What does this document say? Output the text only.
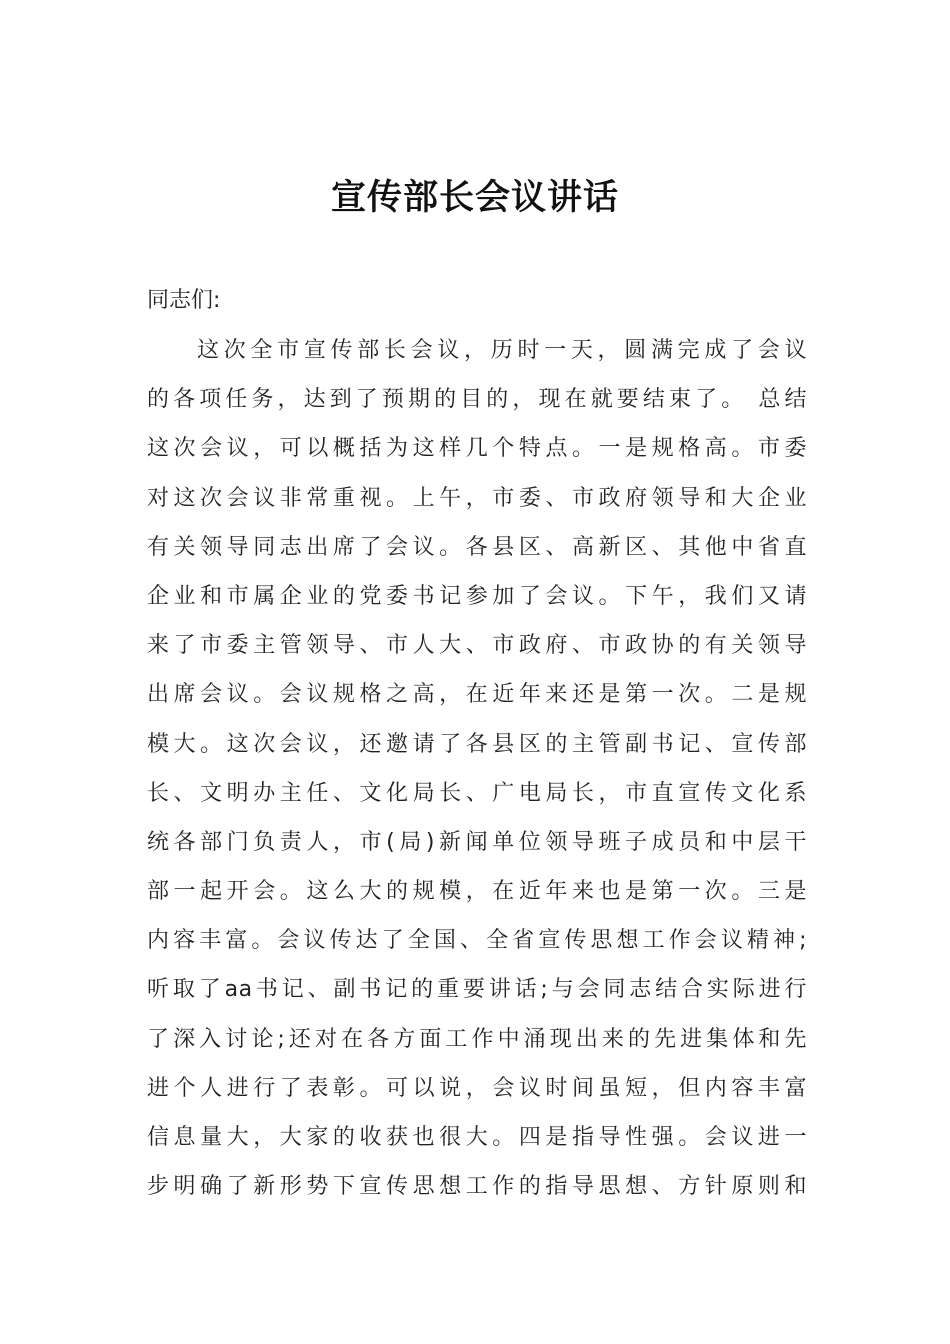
宣传部长会议讲话
同志们:
这次全市宣传部长会议，历时一天，圆满完成了会议
的各项任务，达到了预期的目的，现在就要结束了。 总结
这次会议，可以概括为这样几个特点。一是规格高。市委
对这次会议非常重视。上午，市委、市政府领导和大企业
有关领导同志出席了会议。各县区、高新区、其他中省直
企业和市属企业的党委书记参加了会议。下午，我们又请
来了市委主管领导、市人大、市政府、市政协的有关领导
出席会议。会议规格之高，在近年来还是第一次。二是规
模大。这次会议，还邀请了各县区的主管副书记、宣传部
长、文明办主任、文化局长、广电局长，市直宣传文化系
统各部门负责人，市(局)新闻单位领导班子成员和中层干
部一起开会。这么大的规模，在近年来也是第一次。三是
内容丰富。会议传达了全国、全省宣传思想工作会议精神;
听取了aa书记、副书记的重要讲话;与会同志结合实际进行
了深入讨论;还对在各方面工作中涌现出来的先进集体和先
进个人进行了表彰。可以说，会议时间虽短，但内容丰富
信息量大，大家的收获也很大。四是指导性强。会议进一
步明确了新形势下宣传思想工作的指导思想、方针原则和
